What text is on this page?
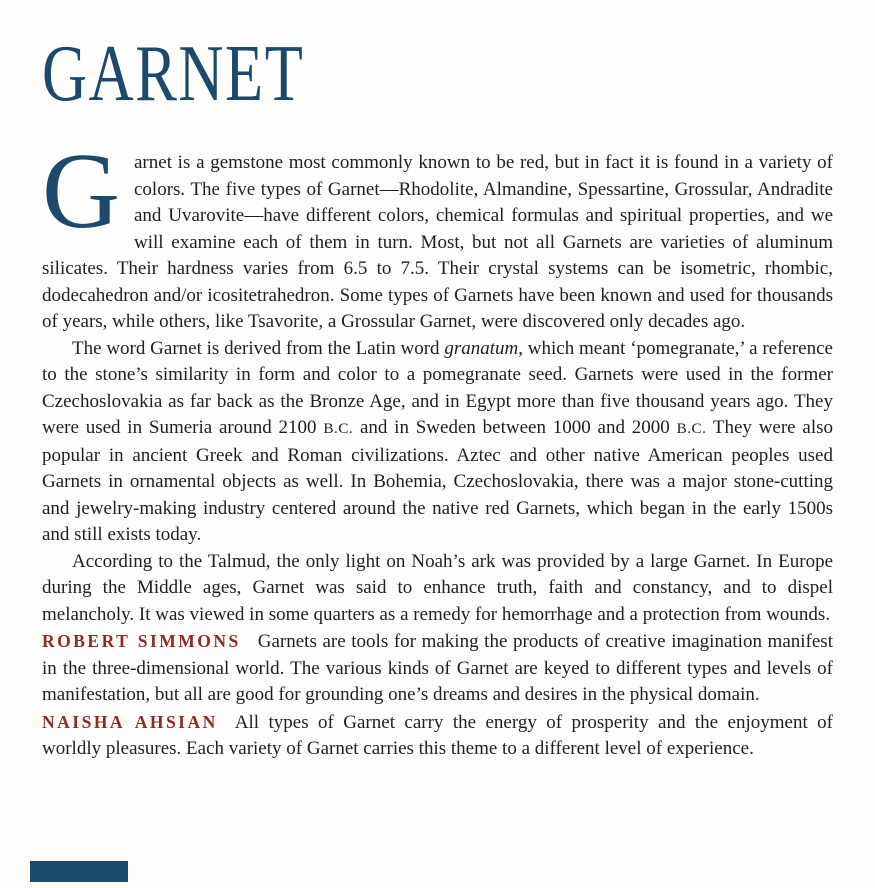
GARNET

Garnet is a gemstone most commonly known to be red, but in fact it is found in a variety of colors. The five types of Garnet—Rhodolite, Almandine, Spessartine, Grossular, Andradite and Uvarovite—have different colors, chemical formulas and spiritual properties, and we will examine each of them in turn. Most, but not all Garnets are varieties of aluminum silicates. Their hardness varies from 6.5 to 7.5. Their crystal systems can be isometric, rhombic, dodecahedron and/or icositetrahedron. Some types of Garnets have been known and used for thousands of years, while others, like Tsavorite, a Grossular Garnet, were discovered only decades ago.

The word Garnet is derived from the Latin word granatum, which meant ‘pomegranate,’ a reference to the stone’s similarity in form and color to a pomegranate seed. Garnets were used in the former Czechoslovakia as far back as the Bronze Age, and in Egypt more than five thousand years ago. They were used in Sumeria around 2100 B.C. and in Sweden between 1000 and 2000 B.C. They were also popular in ancient Greek and Roman civilizations. Aztec and other native American peoples used Garnets in ornamental objects as well. In Bohemia, Czechoslovakia, there was a major stone-cutting and jewelry-making industry centered around the native red Garnets, which began in the early 1500s and still exists today.

According to the Talmud, the only light on Noah’s ark was provided by a large Garnet. In Europe during the Middle ages, Garnet was said to enhance truth, faith and constancy, and to dispel melancholy. It was viewed in some quarters as a remedy for hemorrhage and a protection from wounds.

ROBERT SIMMONS Garnets are tools for making the products of creative imagination manifest in the three-dimensional world. The various kinds of Garnet are keyed to different types and levels of manifestation, but all are good for grounding one’s dreams and desires in the physical domain.

NAISHA AHSIAN All types of Garnet carry the energy of prosperity and the enjoyment of worldly pleasures. Each variety of Garnet carries this theme to a different level of experience.
